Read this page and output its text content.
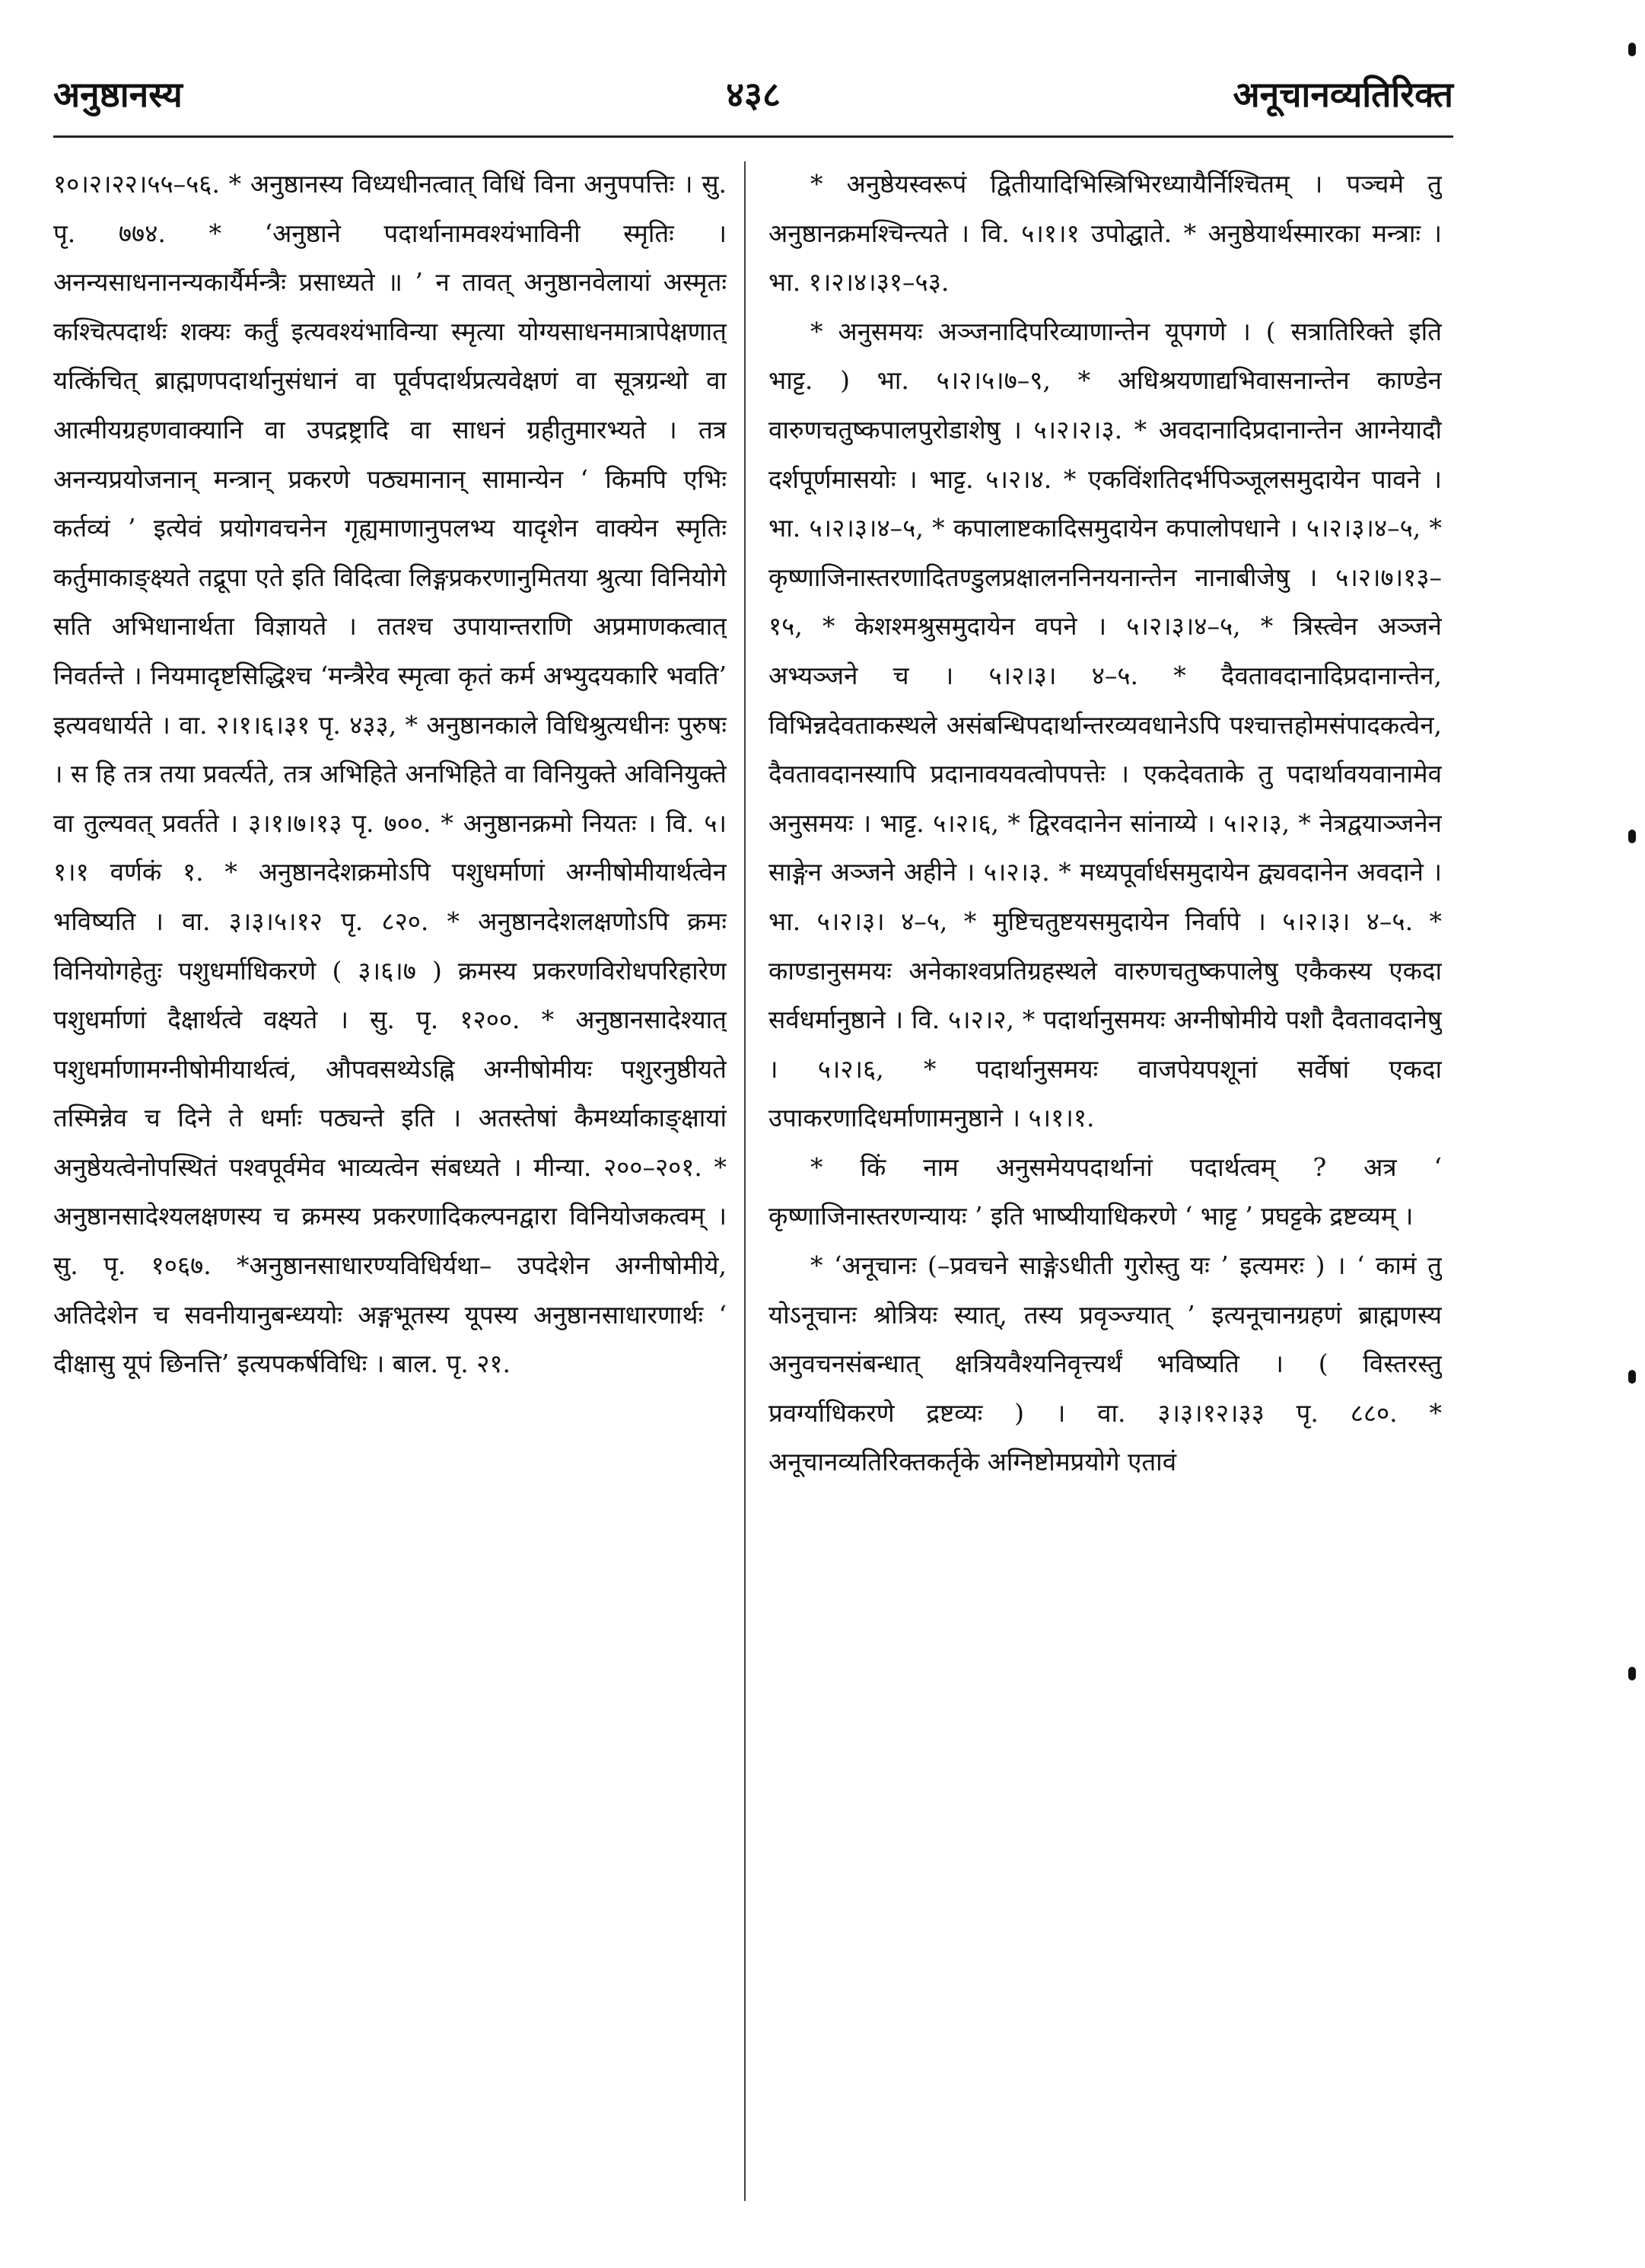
अनुष्ठानस्य	४३८	अनूचानव्यतिरिक्त

१०।२।२२।५५–५६. * अनुष्ठानस्य विध्यधीनत्वात् विधिं विना अनुपपत्तिः । सु. पृ. ७७४. * ‘अनुष्ठाने पदार्थानामवश्यंभाविनी स्मृतिः । अनन्यसाधनानन्यकार्यैर्मन्त्रैः प्रसाध्यते ॥ ’ न तावत् अनुष्ठानवेलायां अस्मृतः कश्चित्पदार्थः शक्यः कर्तुं इत्यवश्यंभाविन्या स्मृत्या योग्यसाधनमात्रापेक्षणात् यत्किंचित् ब्राह्मणपदार्थानुसंधानं वा पूर्वपदार्थप्रत्यवेक्षणं वा सूत्रग्रन्थो वा आत्मीयग्रहणवाक्यानि वा उपद्रष्ट्रादि वा साधनं ग्रहीतुमारभ्यते । तत्र अनन्यप्रयोजनान् मन्त्रान् प्रकरणे पठ्यमानान् सामान्येन ‘ किमपि एभिः कर्तव्यं ’ इत्येवं प्रयोगवचनेन गृह्यमाणानुपलभ्य यादृशेन वाक्येन स्मृतिः कर्तुमाकाङ्क्ष्यते तद्रूपा एते इति विदित्वा लिङ्गप्रकरणानुमितया श्रुत्या विनियोगे सति अभिधानार्थता विज्ञायते । ततश्च उपायान्तराणि अप्रमाणकत्वात् निवर्तन्ते । नियमादृष्टसिद्धिश्च ‘मन्त्रैरेव स्मृत्वा कृतं कर्म अभ्युदयकारि भवति’ इत्यवधार्यते । वा. २।१।६।३१ पृ. ४३३, * अनुष्ठानकाले विधिश्रुत्यधीनः पुरुषः । स हि तत्र तया प्रवर्त्यते, तत्र अभिहिते अनभिहिते वा विनियुक्ते अविनियुक्ते वा तुल्यवत् प्रवर्तते । ३।१।७।१३ पृ. ७००. * अनुष्ठानक्रमो नियतः । वि. ५।१।१ वर्णकं १. * अनुष्ठानदेशक्रमोऽपि पशुधर्माणां अग्नीषोमीयार्थत्वेन भविष्यति । वा. ३।३।५।१२ पृ. ८२०. * अनुष्ठानदेशलक्षणोऽपि क्रमः विनियोगहेतुः पशुधर्माधिकरणे ( ३।६।७ ) क्रमस्य प्रकरणविरोधपरिहारेण पशुधर्माणां दैक्षार्थत्वे वक्ष्यते । सु. पृ. १२००. * अनुष्ठानसादेश्यात् पशुधर्माणामग्नीषोमीयार्थत्वं, औपवसथ्येऽह्नि अग्नीषोमीयः पशुरनुष्ठीयते तस्मिन्नेव च दिने ते धर्माः पठ्यन्ते इति । अतस्तेषां कैमर्थ्याकाङ्क्षायां अनुष्ठेयत्वेनोपस्थितं पश्वपूर्वमेव भाव्यत्वेन संबध्यते । मीन्या. २००–२०१. * अनुष्ठानसादेश्यलक्षणस्य च क्रमस्य प्रकरणादिकल्पनद्वारा विनियोजकत्वम् । सु. पृ. १०६७. *अनुष्ठानसाधारण्यविधिर्यथा– उपदेशेन अग्नीषोमीये, अतिदेशेन च सवनीयानुबन्ध्ययोः अङ्गभूतस्य यूपस्य अनुष्ठानसाधारणार्थः ‘ दीक्षासु यूपं छिनत्ति’ इत्यपकर्षविधिः । बाल. पृ. २१.

* अनुष्ठेयस्वरूपं द्वितीयादिभिस्त्रिभिरध्यायैर्निश्चितम् । पञ्चमे तु अनुष्ठानक्रमश्चिन्त्यते । वि. ५।१।१ उपोद्घाते. * अनुष्ठेयार्थस्मारका मन्त्राः । भा. १।२।४।३१–५३.

* अनुसमयः अञ्जनादिपरिव्याणान्तेन यूपगणे । ( सत्रातिरिक्ते इति भाट्ट. ) भा. ५।२।५।७–९, * अधिश्रयणाद्यभिवासनान्तेन काण्डेन वारुणचतुष्कपालपुरोडाशेषु । ५।२।२।३. * अवदानादिप्रदानान्तेन आग्नेयादौ दर्शपूर्णमासयोः । भाट्ट. ५।२।४. * एकविंशतिदर्भपिञ्जूलसमुदायेन पावने । भा. ५।२।३।४–५, * कपालाष्टकादिसमुदायेन कपालोपधाने । ५।२।३।४–५, * कृष्णाजिनास्तरणादितण्डुलप्रक्षालननिनयनान्तेन नानाबीजेषु । ५।२।७।१३–१५, * केशश्मश्रुसमुदायेन वपने । ५।२।३।४–५, * त्रिस्त्वेन अञ्जने अभ्यञ्जने च । ५।२।३। ४–५. * दैवतावदानादिप्रदानान्तेन, विभिन्नदेवताकस्थले असंबन्धिपदार्थान्तरव्यवधानेऽपि पश्चात्तहोमसंपादकत्वेन, दैवतावदानस्यापि प्रदानावयवत्वोपपत्तेः । एकदेवताके तु पदार्थावयवानामेव अनुसमयः । भाट्ट. ५।२।६, * द्विरवदानेन सांनाय्ये । ५।२।३, * नेत्रद्वयाञ्जनेन साङ्गेन अञ्जने अहीने । ५।२।३. * मध्यपूर्वार्धसमुदायेन द्व्यवदानेन अवदाने । भा. ५।२।३। ४–५, * मुष्टिचतुष्टयसमुदायेन निर्वापे । ५।२।३। ४–५. * काण्डानुसमयः अनेकाश्वप्रतिग्रहस्थले वारुणचतुष्कपालेषु एकैकस्य एकदा सर्वधर्मानुष्ठाने । वि. ५।२।२, * पदार्थानुसमयः अग्नीषोमीये पशौ दैवतावदानेषु । ५।२।६, * पदार्थानुसमयः वाजपेयपशूनां सर्वेषां एकदा उपाकरणादिधर्माणामनुष्ठाने । ५।१।१.

* किं नाम अनुसमेयपदार्थानां पदार्थत्वम् ? अत्र ‘ कृष्णाजिनास्तरणन्यायः ’ इति भाष्यीयाधिकरणे ‘ भाट्ट ’ प्रघट्टके द्रष्टव्यम् ।

* ‘अनूचानः (–प्रवचने साङ्गेऽधीती गुरोस्तु यः ’ इत्यमरः ) । ‘ कामं तु योऽनूचानः श्रोत्रियः स्यात्, तस्य प्रवृञ्ज्यात् ’ इत्यनूचानग्रहणं ब्राह्मणस्य अनुवचनसंबन्धात् क्षत्रियवैश्यनिवृत्त्यर्थं भविष्यति । ( विस्तरस्तु प्रवर्ग्याधिकरणे द्रष्टव्यः ) । वा. ३।३।१२।३३ पृ. ८८०. * अनूचानव्यतिरिक्तकर्तृके अग्निष्टोमप्रयोगे एतावं
